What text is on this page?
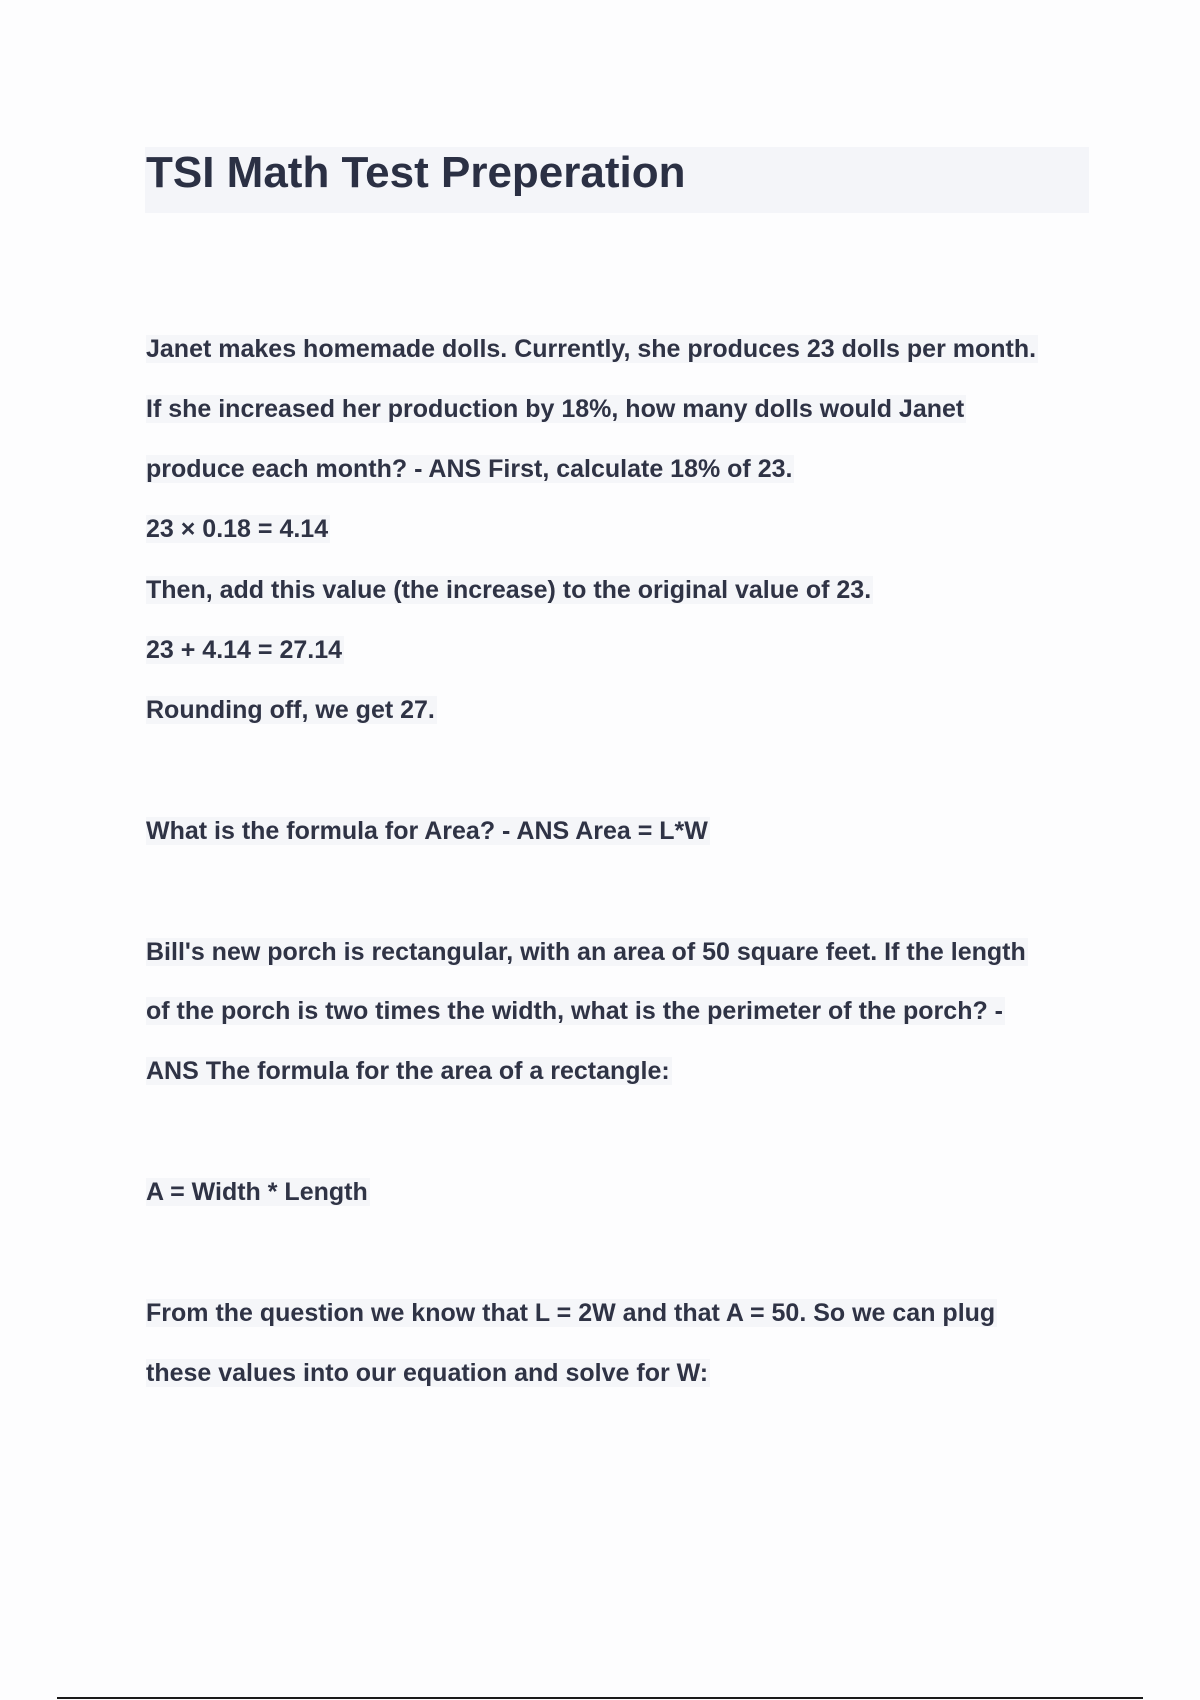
TSI Math Test Preperation

Janet makes homemade dolls. Currently, she produces 23 dolls per month.

If she increased her production by 18%, how many dolls would Janet

produce each month? - ANS First, calculate 18% of 23.

23 × 0.18 = 4.14

Then, add this value (the increase) to the original value of 23.

23 + 4.14 = 27.14

Rounding off, we get 27.

What is the formula for Area? - ANS Area = L*W

Bill's new porch is rectangular, with an area of 50 square feet. If the length

of the porch is two times the width, what is the perimeter of the porch? -

ANS The formula for the area of a rectangle:

A = Width * Length

From the question we know that L = 2W and that A = 50. So we can plug

these values into our equation and solve for W:
